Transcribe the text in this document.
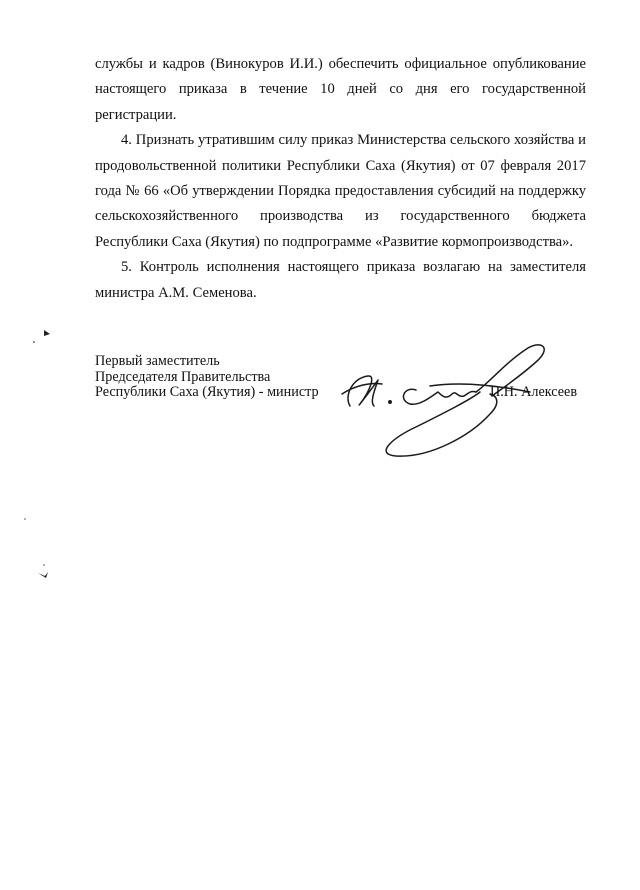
службы и кадров (Винокуров И.И.) обеспечить официальное опубликование настоящего приказа в течение 10 дней со дня его государственной регистрации.

4. Признать утратившим силу приказ Министерства сельского хозяйства и продовольственной политики Республики Саха (Якутия) от 07 февраля 2017 года № 66 «Об утверждении Порядка предоставления субсидий на поддержку сельскохозяйственного производства из государственного бюджета Республики Саха (Якутия) по подпрограмме «Развитие кормопроизводства».

5. Контроль исполнения настоящего приказа возлагаю на заместителя министра А.М. Семенова.

Первый заместитель
Председателя Правительства
Республики Саха (Якутия) - министр	П.Н. Алексеев
